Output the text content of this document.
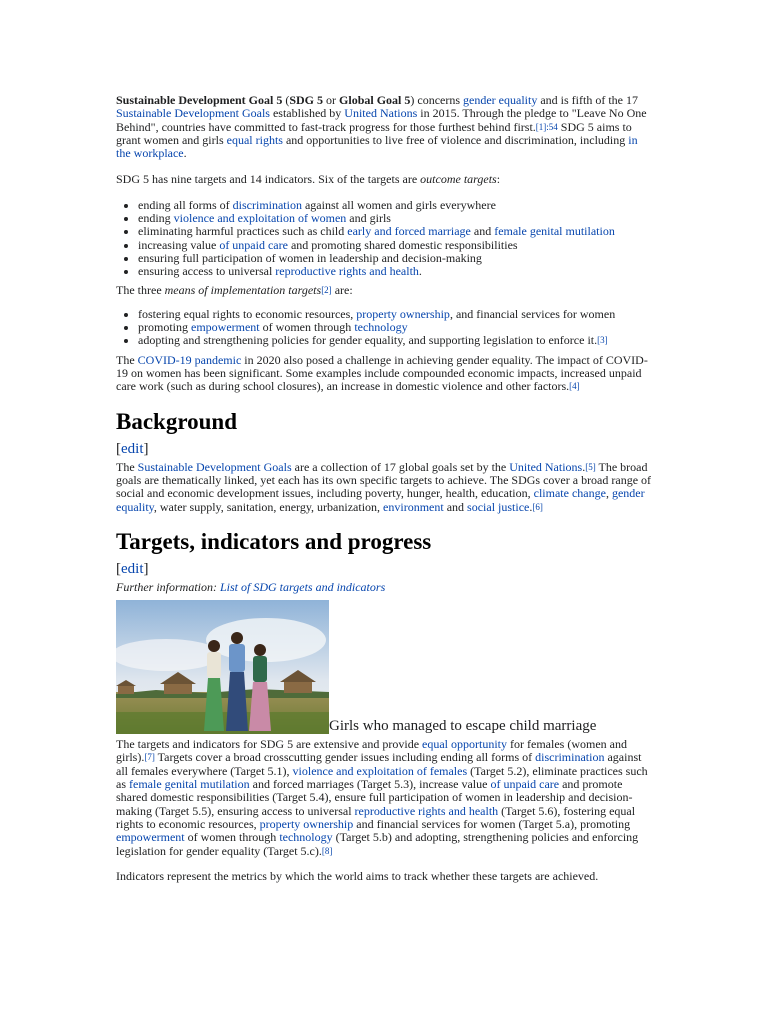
Sustainable Development Goal 5 (SDG 5 or Global Goal 5) concerns gender equality and is fifth of the 17 Sustainable Development Goals established by United Nations in 2015. Through the pledge to "Leave No One Behind", countries have committed to fast-track progress for those furthest behind first.$^{[1]:54}$ SDG 5 aims to grant women and girls equal rights and opportunities to live free of violence and discrimination, including in the workplace.

SDG 5 has nine targets and 14 indicators. Six of the targets are outcome targets:

• ending all forms of discrimination against all women and girls everywhere
• ending violence and exploitation of women and girls
• eliminating harmful practices such as child early and forced marriage and female genital mutilation
• increasing value of unpaid care and promoting shared domestic responsibilities
• ensuring full participation of women in leadership and decision-making
• ensuring access to universal reproductive rights and health.

The three means of implementation targets[2] are:

• fostering equal rights to economic resources, property ownership, and financial services for women
• promoting empowerment of women through technology
• adopting and strengthening policies for gender equality, and supporting legislation to enforce it.[3]

The COVID-19 pandemic in 2020 also posed a challenge in achieving gender equality. The impact of COVID-19 on women has been significant. Some examples include compounded economic impacts, increased unpaid care work (such as during school closures), an increase in domestic violence and other factors.[4]

Background
[edit]

The Sustainable Development Goals are a collection of 17 global goals set by the United Nations.[5] The broad goals are thematically linked, yet each has its own specific targets to achieve. The SDGs cover a broad range of social and economic development issues, including poverty, hunger, health, education, climate change, gender equality, water supply, sanitation, energy, urbanization, environment and social justice.[6]

Targets, indicators and progress
[edit]
Further information: List of SDG targets and indicators
Girls who managed to escape child marriage

The targets and indicators for SDG 5 are extensive and provide equal opportunity for females (women and girls).[7] Targets cover a broad crosscutting gender issues including ending all forms of discrimination against all females everywhere (Target 5.1), violence and exploitation of females (Target 5.2), eliminate practices such as female genital mutilation and forced marriages (Target 5.3), increase value of unpaid care and promote shared domestic responsibilities (Target 5.4), ensure full participation of women in leadership and decision-making (Target 5.5), ensuring access to universal reproductive rights and health (Target 5.6), fostering equal rights to economic resources, property ownership and financial services for women (Target 5.a), promoting empowerment of women through technology (Target 5.b) and adopting, strengthening policies and enforcing legislation for gender equality (Target 5.c).[8]

Indicators represent the metrics by which the world aims to track whether these targets are achieved.
